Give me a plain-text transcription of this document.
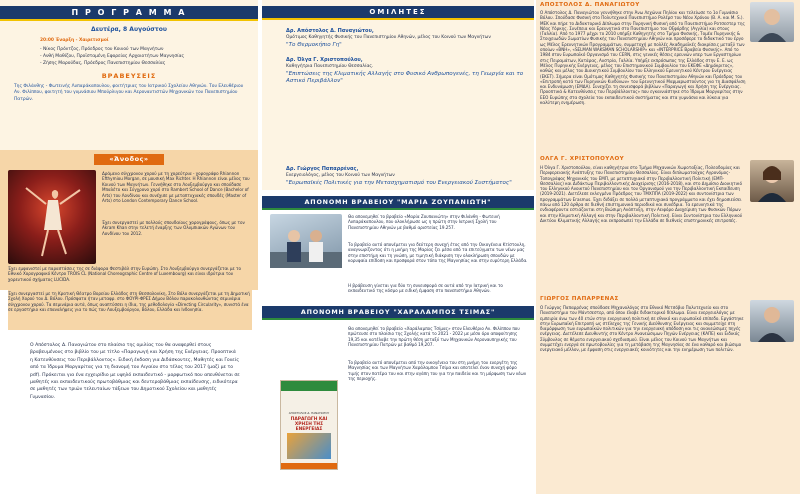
Π Ρ Ο Γ Ρ Α Μ Μ Α
Δευτέρα, 8 Αυγούστου
20:00 Έναρξη - Χαιρετισμοί
- Νίκος Πρόντζος, Πρόεδρος του Κοινού των Μαγνήτων
- Ανθή Μαθίζου, Προϊσταμένη Εφορείας Αρχαιοτήτων Μαγνησίας
- Ζήσης Μαρούδας, Πρόεδρος Πανεπιστημίου Θεσσαλίας
ΒΡΑΒΕΥΣΕΙΣ
Της Φιλάνθης - Φωτεινής Λυπαράκαπουλου, φοιτήτριας του Ιατρικού Σχολείου Αθηνών. Του Ελευθέριου Αν. Φιλίππου, φοιτητή του γυμνάσιου Μπούρλιγου και Αεροναυτιστών Μηχανικών του Πανεπιστημίου Πατρών.
«Άνοδος»
Δράμενο σύγχρονου χορού με τη χορεύτρια - χορογράφο Rhiannon Efthymiou Morgan, σε μουσική Max Richter. Η Rhiannon είναι μέλος του Κοινού των Μαγνήτων. Γεννήθηκε στο Λουξεμβούργο και σπούδασε Μπαλέτο και Σύγχρονο χορό στο Rambert School of Dance (Bachelor of Arts) του Λονδίνου και συνέχισε με μεταπτυχιακές σπουδές (Master of Arts) στο London Contemporary Dance School.
Έχει συνεργαστεί με πολλούς σπουδαίους χορογράφους, όπως με τον Akram Khan στην τελετή έναρξης των Ολυμπιακών Αγώνων του Λονδίνου του 2012.
Έχει εμφανιστεί με παραστάσεις της σε διάφορα Φεστιβάλ στην Ευρώπη. Στο Λουξεμβούργο συνεργάζεται με το Εθνικό Χορογραφικό Κέντρο TROIS CL (National Choreographic Centre of Luxembourg) και είναι ιδρύτρια του χορευτικού σχήματος LUCIDA.
Έχει συνεργαστεί με τη Κρατική Θέατρο Βορείου Ελλάδος στη Θεσσαλονίκη, Στο Βόλο συνεργάζεται με τη Δημοτική Σχολή Χορού του Δ. Βόλου. Πρόσφατα ήταν μεταφρ. στο ΦΟΥΡΙ-ΦΡΕΣ Δήμου Βόλου παρακολουθώντας σεμινάρια σύγχρονου χορού. Τα σεμινάρια αυτά, όπως αναπτύσσει η ίδια, της μεθοδολογία «Directing Circularity», συνιστά ένα σε εργαστήριο και επαναλήψεις για το πώς του Λουξεμβούργου, Βόλου, Ελλάδα και Ινδονησία.
Ο Απόστολος Δ. Παναγιώτου στο πλαίσιο της ομιλίας του θα αναφερθεί στους βραβευμένους στο βιβλίο του με τίτλο «Παραγωγή και Χρήση της Ενέργειας. Προοπτικά η Κατευθύνσεις του Περιβάλλοντος». Ειδική έκδοση για Διδάσκοντες, Μαθητές και Γονείς από τα Ίδρυμα Μαργαρίτας για τη διανομή του Αιγαίου στο τέλος του 2017 (μαζί με το pdf). Πρόκειται για ένα εγχειρίδιο με υψηλό εκπαιδευτικό - μορφωτικό που απευθύνεται σε μαθητές και εκπαιδευτικούς πρωτοβάθμιας και δευτεροβάθμιας εκπαίδευσης, ειδικότερα σε μαθητές των τριών τελευταίων τάξεων του Δημοτικού Σχολείου και μαθητές Γυμνασίου.
ΟΜΙΛΗΤΕΣ
Δρ. Απόστολος Δ. Παναγιώτου,
Ομότιμος Καθηγητής Φυσικής του Πανεπιστημίου Αθηνών, μέλος του Κοινού των Μαγνήτων
"Το Θερμοκήπιο Γη"
Δρ. Όλγα Γ. Χριστοπούλου,
Καθηγήτρια Πανεπιστημίου Θεσσαλίας.
"Επιπτώσεις της Κλιματικής Αλλαγής στο Φυσικό Ανθρωπογενές, τη Γεωργία και το Αστικό Περιβάλλον"
Δρ. Γιώργος Παπαρρένας,
Ενεργειολόγος, μέλος του Κοινού των Μαγνήτων
"Ευρωπαϊκές Πολιτικές για την Μετασχηματισμό του Ενεργειακού Συστήματος"
ΑΠΟΝΟΜΗ ΒΡΑΒΕΙΟΥ "ΜΑΡΙΑ ΖΟΥΠΑΝΙΩΤΗ"
Θα απονεμηθεί το βραβείο «Μαρία Ζουπανιώτη» στην Φιλάνθη - Φωτεινή Λυπαράκαπουλου, που ολοκλήρωσε ως η πρώτη στην Ιατρική Σχολή του Πανεπιστημίου Αθηνών με βαθμό αριστείας 19.257.
Το βραβείο αυτό απονέμεται για δεύτερη συνεχή έτος από την Οικογένεια Κτίστουλη, αναγνωρίζοντας ότι η μνήμη της Μαρίας ζει μέσα από τα επιτεύγματα των νέων μας στην επιστήμη και τη γνώση, με τιμητική διάκριση την ολοκλήρωση σπουδών με κορυφαία επίδοση και προσφορά στον τόπο της Μαγνησίας και στην ευρύτερη Ελλάδα.
Η βράβευση γίνεται για δύο τη συνεισφορά σε αυτά από την Ιατρική και το εκπαιδευτικό της κόσμο με ειδική έμφαση στο πανεπιστήμιο Αθηνών.
ΑΠΟΝΟΜΗ ΒΡΑΒΕΙΟΥ "ΧΑΡΑΛΑΜΠΟΣ ΤΣΙΜΑΣ"
Θα απονεμηθεί το βραβείο «Χαράλαμπος Τσίμας» στον Ελευθέριο Αν. Φιλίππου που πρώτευσε στο πλαίσιο της Σχολής κατά το 2021 - 2022 με μέσο όρο αποφοίτησης 19,35 και κατέλαβε την πρώτη θέση μεταξύ των Μηχανικών Αεροναυπηγικής του Πανεπιστημίου Πατρών με βαθμό 19,207.
Το βραβείο αυτό απονέμεται από την οικογένεια του στη μνήμη του ευεργέτη της Μαγνησίας και των Μαγνήτων Χαράλαμπου Τσίμα και αποτελεί έναν συνεχή φόρο τιμής στον πατέρα του και στην αγάπη του για την παιδεία και τη μόρφωση των νέων της περιοχής.
ΑΠΟΣΤΟΛΟΣ Δ. ΠΑΝΑΓΙΩΤΟΥ
ΠΑΡΑΓΩΓΗ ΚΑΙ ΧΡΗΣΗ ΤΗΣ ΕΝΕΡΓΕΙΑΣ
ΑΠΟΣΤΟΛΟΣ Δ. ΠΑΝΑΓΙΩΤΟΥ
Ο Απόστολος Δ. Παναγιώτου γεννήθηκε στην Άνω Λεχώνια Πηλίου και τελείωσε το 1ο Γυμνάσιο Βόλου. Σπούδασε Φυσική στο Πολυτεχνικό Πανεπιστήμιο Ρολέρσ του Νέου Χρόνου (Β. Α. και Μ. S.). ΜΕΚ και πήρε το Διδακτορικό Δίπλωμα στην Πυρηνική Φυσική από το Πανεπιστήμιο Ροτσεστερ της Νέας Υόρκης. Συνέπεια και Ερευνητικά στο Πανεπιστήμιο του Οξφόρδης (Αγγλία) και στους (Γαλλία). Από το 1977 μέχρι το 2010 υπήρξε Καθηγητής στο Τμήμα Φυσικής, Τομέα Πυρηνικής & Στοιχειωδών Σωματίων Φυσικής του Πανεπιστημίου Αθηνών και προσέφερε το διδακτικό του έργο ως Μέλος Ερευνητικών Προγραμμάτων, συμμετοχή με πολλές Ακαδημαϊκές διακρίσεις μεταξύ των οποίων «ΒΝΗ», «SELMAN WAKSMAN SCHOLARSHIP» και «INTERPRICE Βραβείο Φυσικής». Από το 1984 στον Ευρωπαϊκό Οργανισμό του CERN, στις γενικές θέσεις ερευνών υπερ των Εργαστηρίων στις Πειραμάτων, Κατάρας, Αυστρία, Γαλλία. Υπήρξε εκπρόσωπος της Ελλάδος στην Ε. Ε. ως Μέλος Πυρηνικής Ενέργειας, μέλος του Επιστημονικού Συμβουλίου του ΕΚΕΦΕ «Δημόκριτος», καθώς και μέλος του Διοικητικού Συμβουλίου του Ελληνικού Ερευνητικού Κέντρου Ενέργειας (ΕΚΕΤ). Σήμερα είναι Ομότιμος Καθηγητής Φυσικής του Πανεπιστημίου Αθηνών και Πρόεδρος του «Επιτροπή κατά των Πυρηνικών Κινδύνων» του Ερευνητικού Μαρμαρωστούντος για τη Διασφάλιση και Ενδυνάμωση (ΕΜΔΑ). Συνεχίζει τη συνεισφορά βιβλίων «Παραγωγή και Χρήση της Ενέργειας. Προοπτικά & Κατευθύνσεις του Περιβάλλοντος» που εγκαινιάστηκε στο Ίδρυμα Μαργαρίτας στην ΕΕΟ Ευρώπης στα σχολεία του εκπαιδευτικού συστήματος και στα γυμνάσια και λύκεια για καλύτερη ενημέρωση.
ΟΛΓΑ Γ. ΧΡΙΣΤΟΠΟΥΛΟΥ
Η Όλγα Γ. Χριστοπούλου, είναι καθηγήτρια στο Τμήμα Μηχανικών Χωροταξίας, Πολεοδομίας και Περιφερειακής Ανάπτυξης του Πανεπιστημίου Θεσσαλίας. Είναι διπλωματούχος Αγρονόμος-Τοπογράφος Μηχανικός του ΕΜΠ, με μεταπτυχιακό στην Περιβαλλοντική Πολιτική (ΕΜΠ-Θεσσαλίας) και Διδάκτωρ Περιβαλλοντικής Διαχείρισης (2016-2018), και στο Δημόσιο Διοικητικό του Ελληνικού Ανοικτού Πανεπιστημίου και του Οργανισμού για την Περιβαλλοντική Εκπαίδευση (2019-2021). Διετέλεσε εκλεγμένο Πρόεδρος του ΤΜΧΠΠΑ (2019-2022) και συντονίστρια των προγραμμάτων Erasmus. Έχει διδάξει σε πολλά μεταπτυχιακά προγράμματα και έχει δημοσιεύσει πάνω από 120 άρθρα σε διεθνή επιστημονικά περιοδικά και συνέδρια. Τα ερευνητικά της ενδιαφέροντα εστιάζονται στη Βιώσιμη Ανάπτυξη, στην Αειφόρο Διαχείριση των Φυσικών Πόρων και στην Κλιματική Αλλαγή και στην Περιβαλλοντική Πολιτική. Είναι Συντονίστρια του Ελληνικού Δικτύου Κλιματικής Αλλαγής και εκπροσωπεί την Ελλάδα σε διεθνείς επιστημονικές επιτροπές.
ΓΙΩΡΓΟΣ ΠΑΠΑΡΡΕΝΑΣ
Ο Γιώργος Παπαρρένας σπούδασε Μηχανολόγος στο Εθνικό Μετσόβιο Πολυτεχνείο και στο Πανεπιστήμιο του Μάντσεστερ, από όπου έλαβε διδακτορικό δίπλωμα. Είναι ενεργειολόγος με εμπειρία άνω των 40 ετών στην ενεργειακή πολιτική σε εθνικό και ευρωπαϊκό επίπεδο. Εργάστηκε στην Ευρωπαϊκή Επιτροπή ως στέλεχος της Γενικής Διεύθυνσης Ενέργειας και συμμετείχε στη διαμόρφωση των ευρωπαϊκών πολιτικών για την ενεργειακή απόδοση και τις ανανεώσιμες πηγές ενέργειας. Διετέλεσε Διευθυντής στο Κέντρο Ανανεώσιμων Πηγών Ενέργειας (ΚΑΠΕ) και Ειδικός Σύμβουλος σε θέματα ενεργειακού σχεδιασμού. Είναι μέλος του Κοινού των Μαγνήτων και συμμετέχει ενεργά σε πρωτοβουλίες για τη μετάβαση της Μαγνησίας σε ένα καθαρό και βιώσιμο ενεργειακό μέλλον, με έμφαση στις ενεργειακές κοινότητες και την ενημέρωση των πολιτών.
